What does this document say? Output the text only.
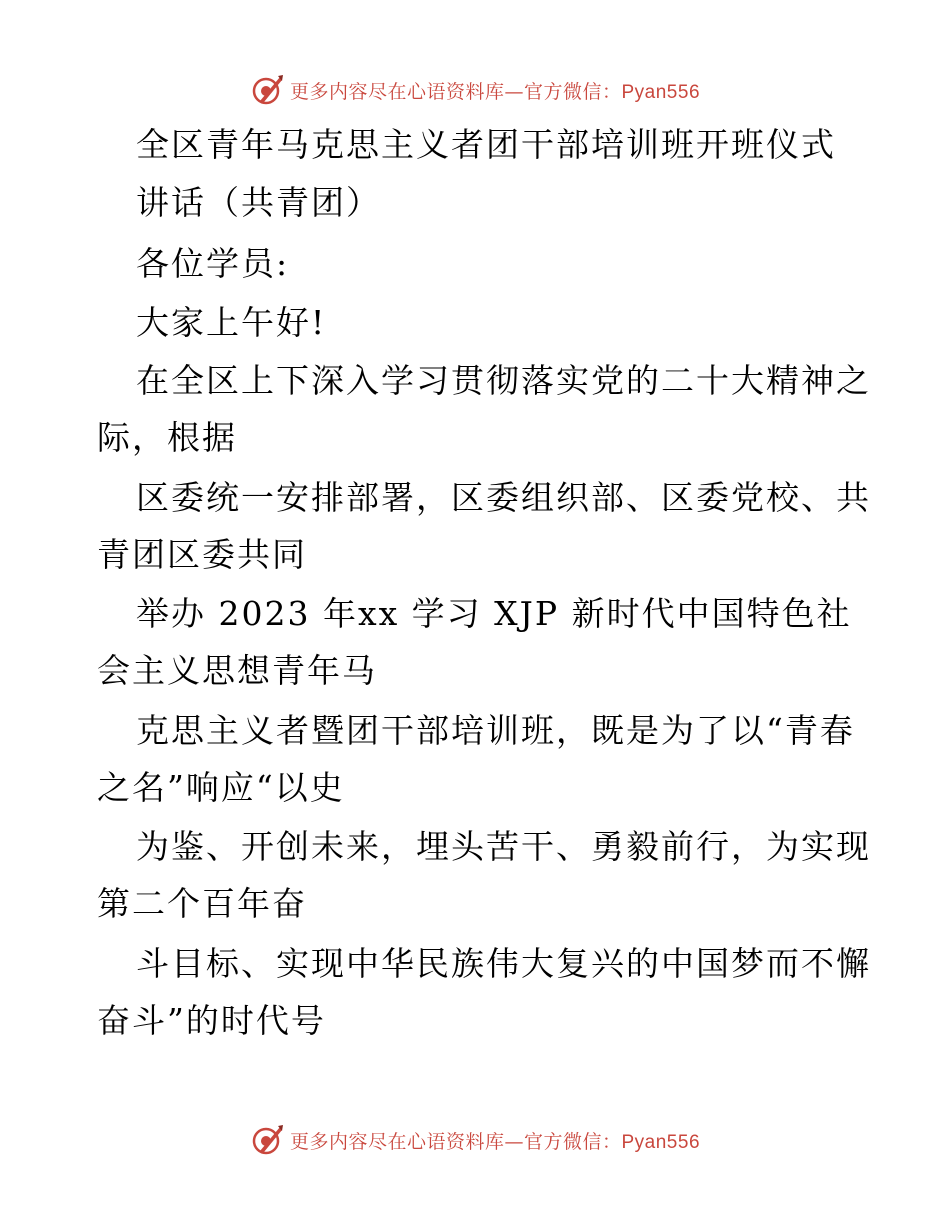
更多内容尽在心语资料库—官方微信：Pyan556
全区青年马克思主义者团干部培训班开班仪式
讲话（共青团）
各位学员:
大家上午好!
在全区上下深入学习贯彻落实党的二十大精神之
际，根据
区委统一安排部署，区委组织部、区委党校、共
青团区委共同
举办 2023 年xx 学习 XJP 新时代中国特色社
会主义思想青年马
克思主义者暨团干部培训班，既是为了以“青春
之名”响应“以史
为鉴、开创未来，埋头苦干、勇毅前行，为实现
第二个百年奋
斗目标、实现中华民族伟大复兴的中国梦而不懈
奋斗”的时代号
更多内容尽在心语资料库—官方微信：Pyan556
